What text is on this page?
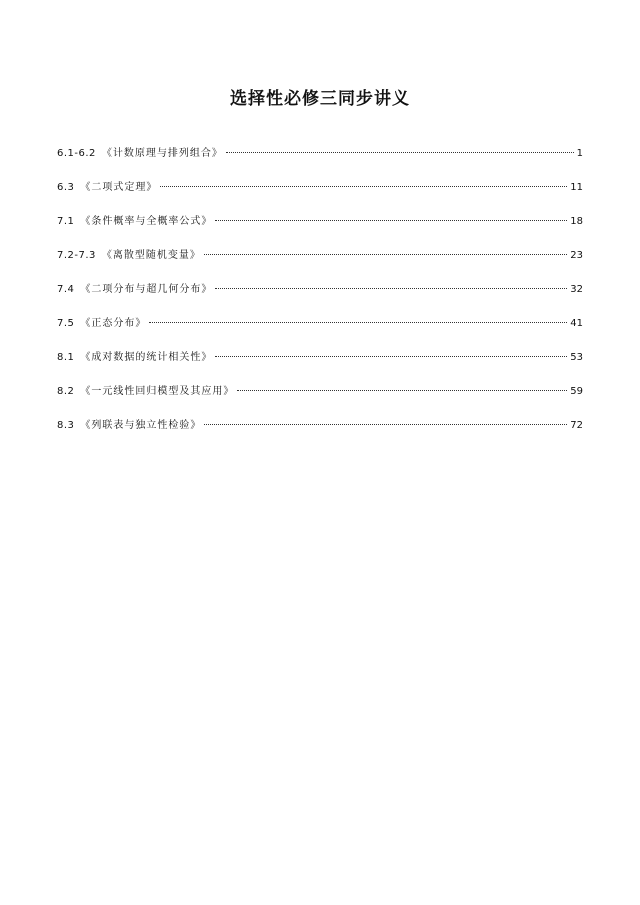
选择性必修三同步讲义
6.1-6.2 《计数原理与排列组合》	1
6.3 《二项式定理》	11
7.1 《条件概率与全概率公式》	18
7.2-7.3 《离散型随机变量》	23
7.4 《二项分布与超几何分布》	32
7.5 《正态分布》	41
8.1 《成对数据的统计相关性》	53
8.2 《一元线性回归模型及其应用》	59
8.3 《列联表与独立性检验》	72
